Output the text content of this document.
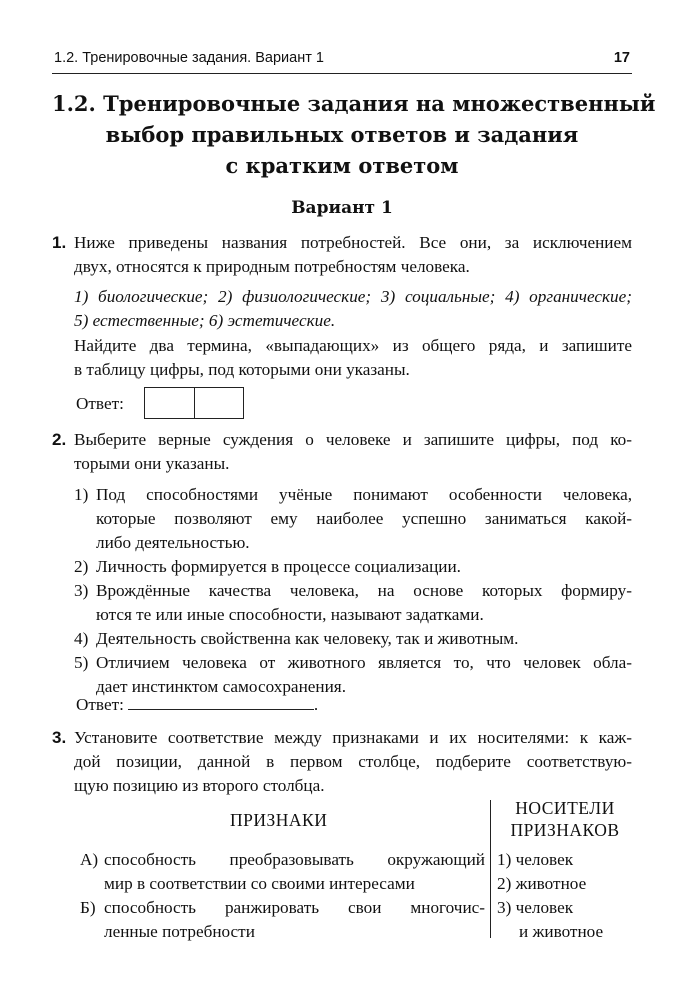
1.2. Тренировочные задания. Вариант 1	17
1.2. Тренировочные задания на множественный
выбор правильных ответов и задания
с кратким ответом
Вариант 1
1. Ниже приведены названия потребностей. Все они, за исключением
двух, относятся к природным потребностям человека.
1) биологические; 2) физиологические; 3) социальные; 4) органические;
5) естественные; 6) эстетические.
Найдите два термина, «выпадающих» из общего ряда, и запишите
в таблицу цифры, под которыми они указаны.
Ответ:
2. Выберите верные суждения о человеке и запишите цифры, под ко-
торыми они указаны.
1) Под способностями учёные понимают особенности человека,
которые позволяют ему наиболее успешно заниматься какой-
либо деятельностью.
2) Личность формируется в процессе социализации.
3) Врождённые качества человека, на основе которых формиру-
ются те или иные способности, называют задатками.
4) Деятельность свойственна как человеку, так и животным.
5) Отличием человека от животного является то, что человек обла-
дает инстинктом самосохранения.
Ответ:	.
3. Установите соответствие между признаками и их носителями: к каж-
дой позиции, данной в первом столбце, подберите соответствую-
щую позицию из второго столбца.
ПРИЗНАКИ
НОСИТЕЛИ
ПРИЗНАКОВ
А) способность преобразовывать окружающий
мир в соответствии со своими интересами
Б) способность ранжировать свои многочис-
ленные потребности
1) человек
2) животное
3) человек
и животное
